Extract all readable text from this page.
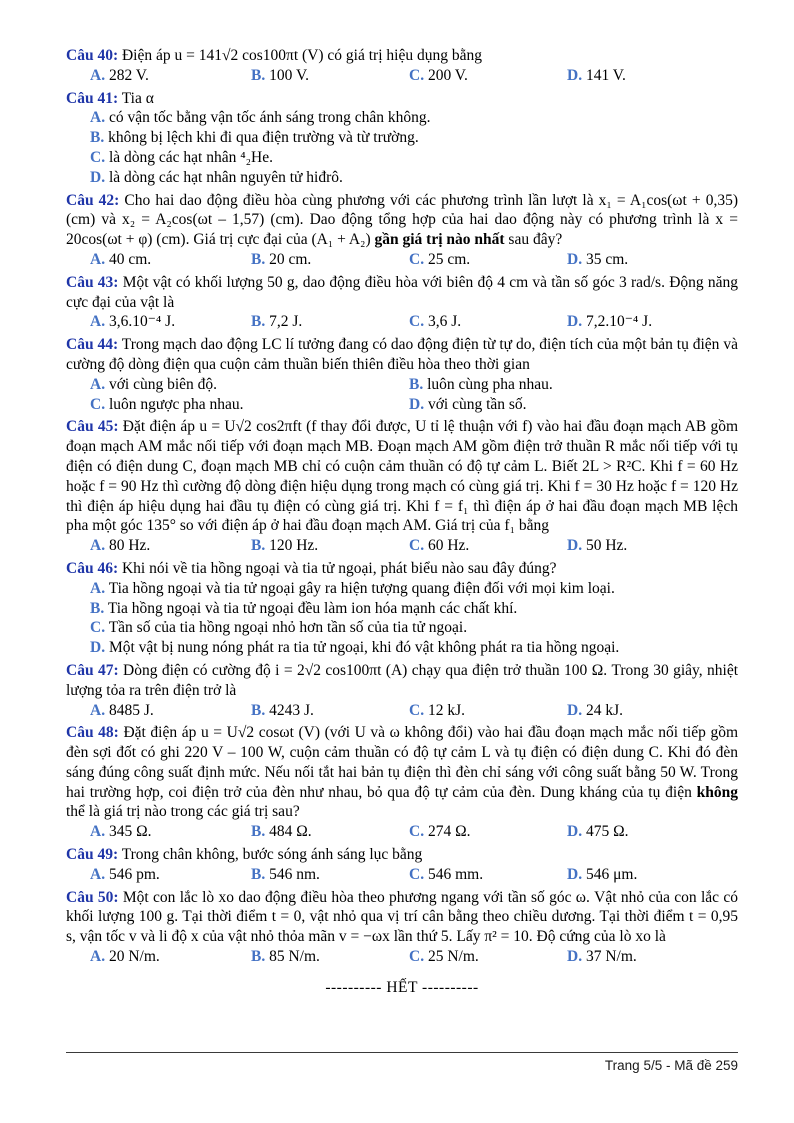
Câu 40: Điện áp u = 141√2 cos100πt (V) có giá trị hiệu dụng bằng

A. 282 V.	B. 100 V.	C. 200 V.	D. 141 V.

Câu 41: Tia α

A. có vận tốc bằng vận tốc ánh sáng trong chân không.
B. không bị lệch khi đi qua điện trường và từ trường.
C. là dòng các hạt nhân ⁴₂He.
D. là dòng các hạt nhân nguyên tử hiđrô.

Câu 42: Cho hai dao động điều hòa cùng phương với các phương trình lần lượt là x₁ = A₁cos(ωt + 0,35) (cm) và x₂ = A₂cos(ωt – 1,57) (cm). Dao động tổng hợp của hai dao động này có phương trình là x = 20cos(ωt + φ) (cm). Giá trị cực đại của (A₁ + A₂) gần giá trị nào nhất sau đây?

A. 40 cm.	B. 20 cm.	C. 25 cm.	D. 35 cm.

Câu 43: Một vật có khối lượng 50 g, dao động điều hòa với biên độ 4 cm và tần số góc 3 rad/s. Động năng cực đại của vật là

A. 3,6.10⁻⁴ J.	B. 7,2 J.	C. 3,6 J.	D. 7,2.10⁻⁴ J.

Câu 44: Trong mạch dao động LC lí tưởng đang có dao động điện từ tự do, điện tích của một bản tụ điện và cường độ dòng điện qua cuộn cảm thuần biến thiên điều hòa theo thời gian

A. với cùng biên độ.	B. luôn cùng pha nhau.
C. luôn ngược pha nhau.	D. với cùng tần số.

Câu 45: Đặt điện áp u = U√2 cos2πft (f thay đổi được, U tỉ lệ thuận với f) vào hai đầu đoạn mạch AB gồm đoạn mạch AM mắc nối tiếp với đoạn mạch MB. Đoạn mạch AM gồm điện trở thuần R mắc nối tiếp với tụ điện có điện dung C, đoạn mạch MB chỉ có cuộn cảm thuần có độ tự cảm L. Biết 2L > R²C. Khi f = 60 Hz hoặc f = 90 Hz thì cường độ dòng điện hiệu dụng trong mạch có cùng giá trị. Khi f = 30 Hz hoặc f = 120 Hz thì điện áp hiệu dụng hai đầu tụ điện có cùng giá trị. Khi f = f₁ thì điện áp ở hai đầu đoạn mạch MB lệch pha một góc 135° so với điện áp ở hai đầu đoạn mạch AM. Giá trị của f₁ bằng

A. 80 Hz.	B. 120 Hz.	C. 60 Hz.	D. 50 Hz.

Câu 46: Khi nói về tia hồng ngoại và tia tử ngoại, phát biểu nào sau đây đúng?

A. Tia hồng ngoại và tia tử ngoại gây ra hiện tượng quang điện đối với mọi kim loại.
B. Tia hồng ngoại và tia tử ngoại đều làm ion hóa mạnh các chất khí.
C. Tần số của tia hồng ngoại nhỏ hơn tần số của tia tử ngoại.
D. Một vật bị nung nóng phát ra tia tử ngoại, khi đó vật không phát ra tia hồng ngoại.

Câu 47: Dòng điện có cường độ i = 2√2 cos100πt (A) chạy qua điện trở thuần 100 Ω. Trong 30 giây, nhiệt lượng tỏa ra trên điện trở là

A. 8485 J.	B. 4243 J.	C. 12 kJ.	D. 24 kJ.

Câu 48: Đặt điện áp u = U√2 cosωt (V) (với U và ω không đổi) vào hai đầu đoạn mạch mắc nối tiếp gồm đèn sợi đốt có ghi 220 V – 100 W, cuộn cảm thuần có độ tự cảm L và tụ điện có điện dung C. Khi đó đèn sáng đúng công suất định mức. Nếu nối tắt hai bản tụ điện thì đèn chỉ sáng với công suất bằng 50 W. Trong hai trường hợp, coi điện trở của đèn như nhau, bỏ qua độ tự cảm của đèn. Dung kháng của tụ điện không thể là giá trị nào trong các giá trị sau?

A. 345 Ω.	B. 484 Ω.	C. 274 Ω.	D. 475 Ω.

Câu 49: Trong chân không, bước sóng ánh sáng lục bằng

A. 546 pm.	B. 546 nm.	C. 546 mm.	D. 546 μm.

Câu 50: Một con lắc lò xo dao động điều hòa theo phương ngang với tần số góc ω. Vật nhỏ của con lắc có khối lượng 100 g. Tại thời điểm t = 0, vật nhỏ qua vị trí cân bằng theo chiều dương. Tại thời điểm t = 0,95 s, vận tốc v và li độ x của vật nhỏ thỏa mãn v = −ωx lần thứ 5. Lấy π² = 10. Độ cứng của lò xo là

A. 20 N/m.	B. 85 N/m.	C. 25 N/m.	D. 37 N/m.
---------- HẾT ----------
Trang 5/5 - Mã đề 259
